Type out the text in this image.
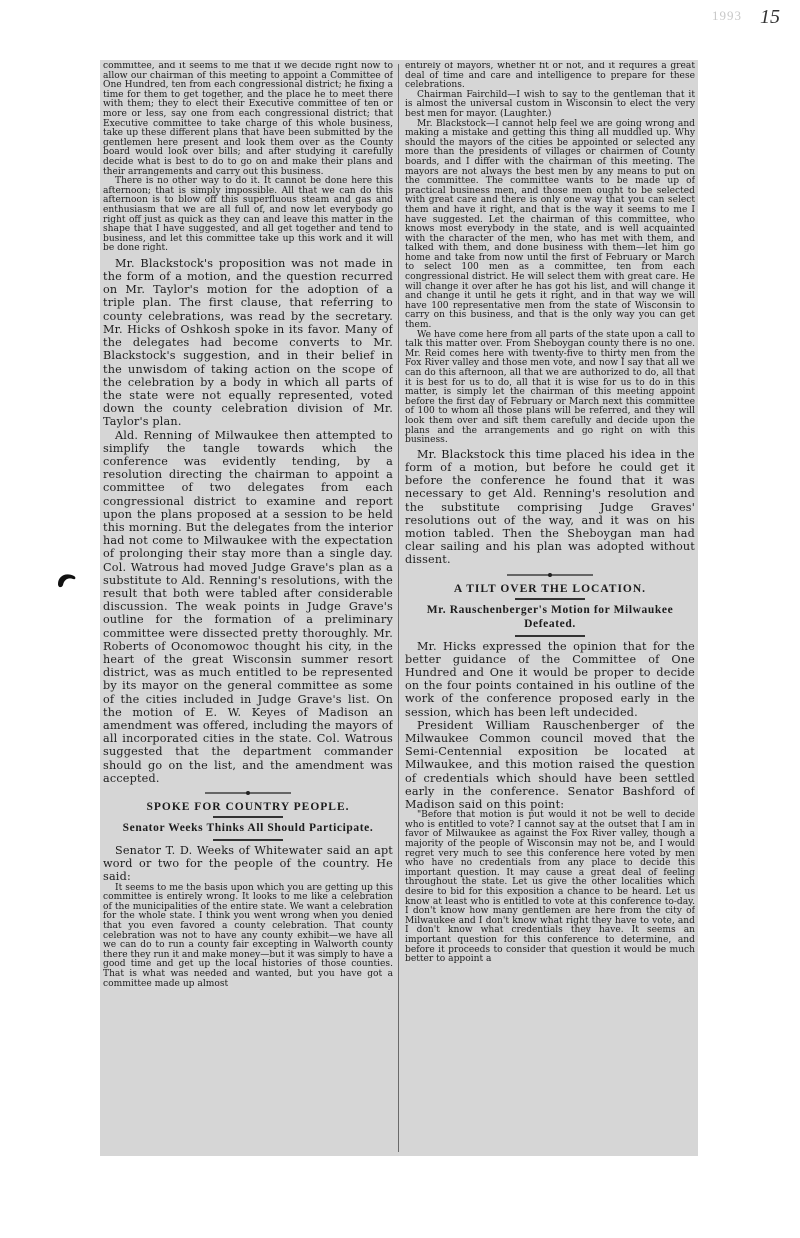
15
1993

committee, and it seems to me that if we decide right now to allow our chairman of this meeting to appoint a Committee of One Hundred, ten from each congressional district; he fixing a time for them to get together, and the place he to meet there with them; they to elect their Executive committee of ten or more or less, say one from each congressional district; that Executive committee to take charge of this whole business, take up these different plans that have been submitted by the gentlemen here present and look them over as the County board would look over bills; and after studying it carefully decide what is best to do to go on and make their plans and their arrangements and carry out this business.

There is no other way to do it. It cannot be done here this afternoon; that is simply impossible. All that we can do this afternoon is to blow off this superfluous steam and gas and enthusiasm that we are all full of, and now let everybody go right off just as quick as they can and leave this matter in the shape that I have suggested, and all get together and tend to business, and let this committee take up this work and it will be done right.

Mr. Blackstock's proposition was not made in the form of a motion, and the question recurred on Mr. Taylor's motion for the adoption of a triple plan. The first clause, that referring to county celebrations, was read by the secretary. Mr. Hicks of Oshkosh spoke in its favor. Many of the delegates had become converts to Mr. Blackstock's suggestion, and in their belief in the unwisdom of taking action on the scope of the celebration by a body in which all parts of the state were not equally represented, voted down the county celebration division of Mr. Taylor's plan.

Ald. Renning of Milwaukee then attempted to simplify the tangle towards which the conference was evidently tending, by a resolution directing the chairman to appoint a committee of two delegates from each congressional district to examine and report upon the plans proposed at a session to be held this morning. But the delegates from the interior had not come to Milwaukee with the expectation of prolonging their stay more than a single day. Col. Watrous had moved Judge Grave's plan as a substitute to Ald. Renning's resolutions, with the result that both were tabled after considerable discussion. The weak points in Judge Grave's outline for the formation of a preliminary committee were dissected pretty thoroughly. Mr. Roberts of Oconomowoc thought his city, in the heart of the great Wisconsin summer resort district, was as much entitled to be represented by its mayor on the general committee as some of the cities included in Judge Grave's list. On the motion of E. W. Keyes of Madison an amendment was offered, including the mayors of all incorporated cities in the state. Col. Watrous suggested that the department commander should go on the list, and the amendment was accepted.

SPOKE FOR COUNTRY PEOPLE.
Senator Weeks Thinks All Should Participate.

Senator T. D. Weeks of Whitewater said an apt word or two for the people of the country. He said:

It seems to me the basis upon which you are getting up this committee is entirely wrong. It looks to me like a celebration of the municipalities of the entire state. We want a celebration for the whole state. I think you went wrong when you denied that you even favored a county celebration. That county celebration was not to have any county exhibit—we have all we can do to run a county fair excepting in Walworth county there they run it and make money—but it was simply to have a good time and get up the local histories of those counties. That is what was needed and wanted, but you have got a committee made up almost

entirely of mayors, whether fit or not, and it requires a great deal of time and care and intelligence to prepare for these celebrations.

Chairman Fairchild—I wish to say to the gentleman that it is almost the universal custom in Wisconsin to elect the very best men for mayor. (Laughter.)

Mr. Blackstock—I cannot help feel we are going wrong and making a mistake and getting this thing all muddled up. Why should the mayors of the cities be appointed or selected any more than the presidents of villages or chairmen of County boards, and I differ with the chairman of this meeting. The mayors are not always the best men by any means to put on the committee. The committee wants to be made up of practical business men, and those men ought to be selected with great care and there is only one way that you can select them and have it right, and that is the way it seems to me I have suggested. Let the chairman of this committee, who knows most everybody in the state, and is well acquainted with the character of the men, who has met with them, and talked with them, and done business with them—let him go home and take from now until the first of February or March to select 100 men as a committee, ten from each congressional district. He will select them with great care. He will change it over after he has got his list, and will change it and change it until he gets it right, and in that way we will have 100 representative men from the state of Wisconsin to carry on this business, and that is the only way you can get them.

We have come here from all parts of the state upon a call to talk this matter over. From Sheboygan county there is no one. Mr. Reid comes here with twenty-five to thirty men from the Fox River valley and those men vote, and now I say that all we can do this afternoon, all that we are authorized to do, all that it is best for us to do, all that it is wise for us to do in this matter, is simply let the chairman of this meeting appoint before the first day of February or March next this committee of 100 to whom all those plans will be referred, and they will look them over and sift them carefully and decide upon the plans and the arrangements and go right on with this business.

Mr. Blackstock this time placed his idea in the form of a motion, but before he could get it before the conference he found that it was necessary to get Ald. Renning's resolution and the substitute comprising Judge Graves' resolutions out of the way, and it was on his motion tabled. Then the Sheboygan man had clear sailing and his plan was adopted without dissent.

A TILT OVER THE LOCATION.
Mr. Rauschenberger's Motion for Milwaukee Defeated.

Mr. Hicks expressed the opinion that for the better guidance of the Committee of One Hundred and One it would be proper to decide on the four points contained in his outline of the work of the conference proposed early in the session, which has been left undecided.

President William Rauschenberger of the Milwaukee Common council moved that the Semi-Centennial exposition be located at Milwaukee, and this motion raised the question of credentials which should have been settled early in the conference. Senator Bashford of Madison said on this point:

"Before that motion is put would it not be well to decide who is entitled to vote? I cannot say at the outset that I am in favor of Milwaukee as against the Fox River valley, though a majority of the people of Wisconsin may not be, and I would regret very much to see this conference here voted by men who have no credentials from any place to decide this important question. It may cause a great deal of feeling throughout the state. Let us give the other localities which desire to bid for this exposition a chance to be heard. Let us know at least who is entitled to vote at this conference to-day. I don't know how many gentlemen are here from the city of Milwaukee and I don't know what right they have to vote, and I don't know what credentials they have. It seems an important question for this conference to determine, and before it proceeds to consider that question it would be much better to appoint a
